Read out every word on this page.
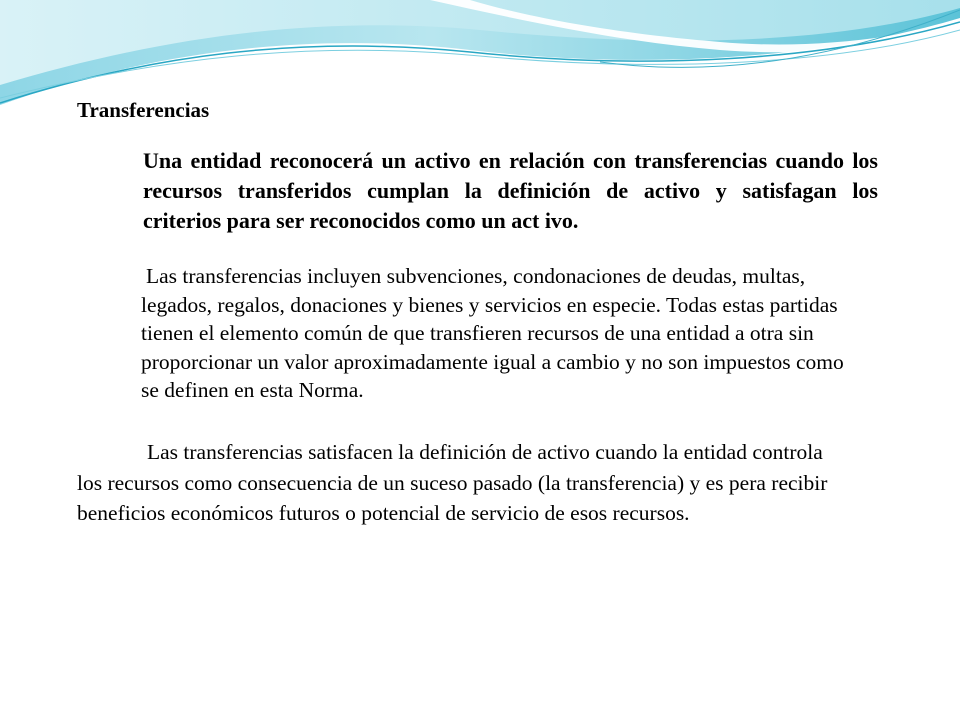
Transferencias
Una entidad reconocerá un activo en relación con transferencias cuando los
recursos transferidos cumplan la definición de activo y satisfagan los
criterios para ser reconocidos como un act ivo.
Las transferencias incluyen subvenciones, condonaciones de deudas, multas,
legados, regalos, donaciones y bienes y servicios en especie. Todas estas partidas
tienen el elemento común de que transfieren recursos de una entidad a otra sin
proporcionar un valor aproximadamente igual a cambio y no son impuestos como
se definen en esta Norma.
Las transferencias satisfacen la definición de activo cuando la entidad controla
los recursos como consecuencia de un suceso pasado (la transferencia) y es pera recibir
beneficios económicos futuros o potencial de servicio de esos recursos.
